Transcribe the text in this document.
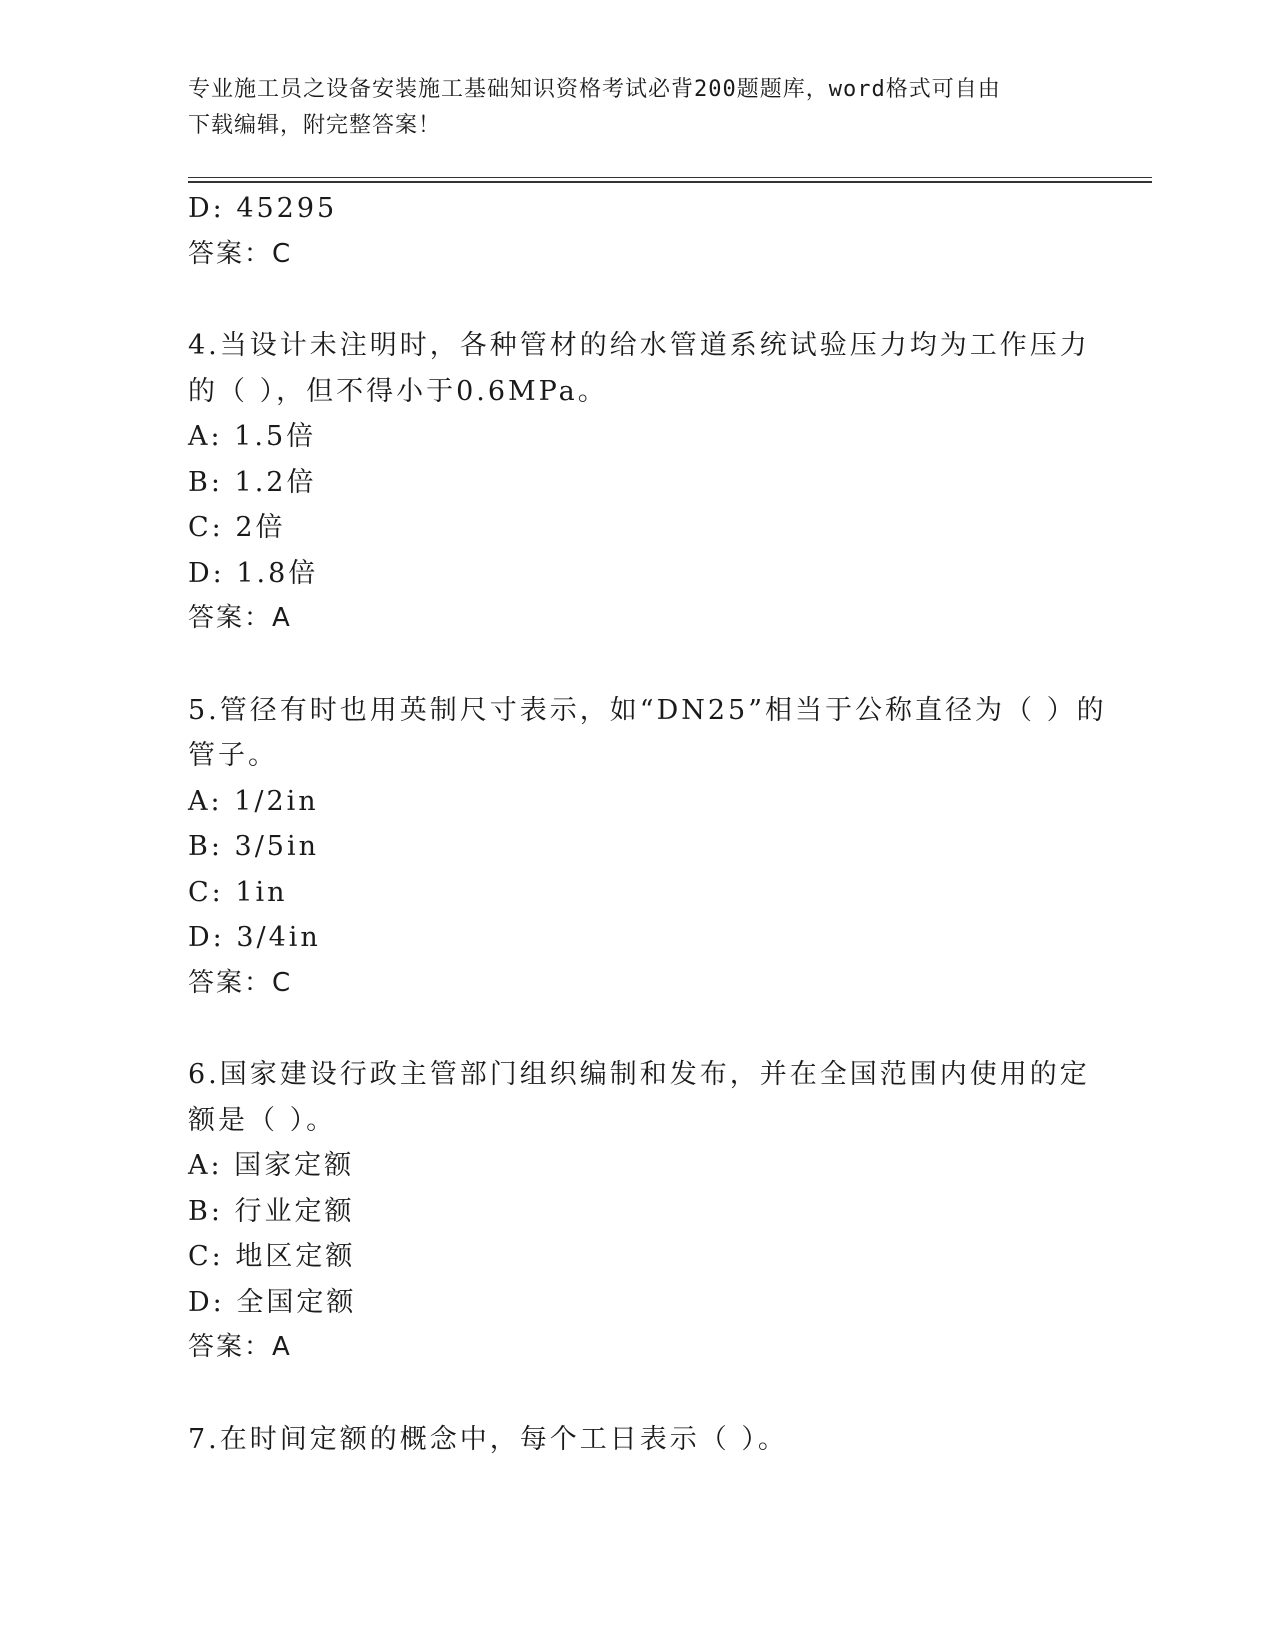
专业施工员之设备安装施工基础知识资格考试必背200题题库，word格式可自由
下载编辑，附完整答案！
D: 45295
答案：C
4.当设计未注明时，各种管材的给水管道系统试验压力均为工作压力
的（ ），但不得小于0.6MPa。
A: 1.5倍
B: 1.2倍
C: 2倍
D: 1.8倍
答案：A
5.管径有时也用英制尺寸表示，如“DN25”相当于公称直径为（ ）的
管子。
A: 1/2in
B: 3/5in
C: 1in
D: 3/4in
答案：C
6.国家建设行政主管部门组织编制和发布，并在全国范围内使用的定
额是（ ）。
A: 国家定额
B: 行业定额
C: 地区定额
D: 全国定额
答案：A
7.在时间定额的概念中，每个工日表示（ ）。
